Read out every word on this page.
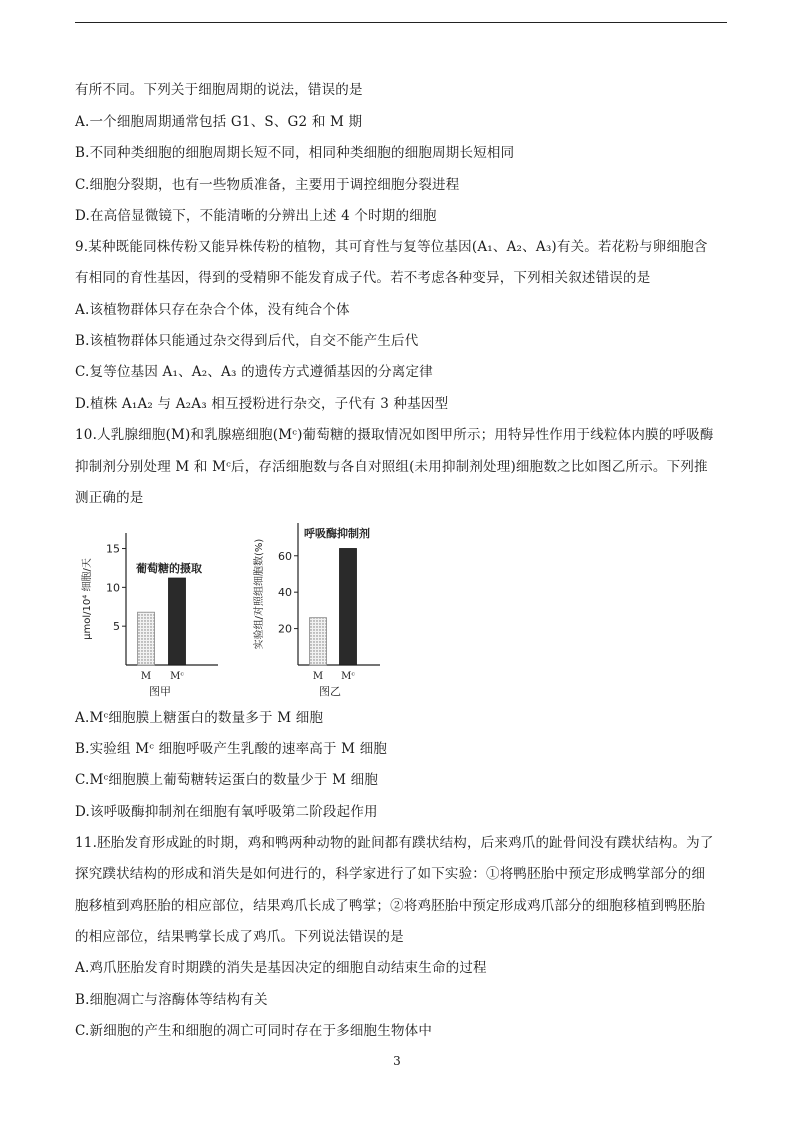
有所不同。下列关于细胞周期的说法，错误的是
A.一个细胞周期通常包括 G1、S、G2 和 M 期
B.不同种类细胞的细胞周期长短不同，相同种类细胞的细胞周期长短相同
C.细胞分裂期，也有一些物质准备，主要用于调控细胞分裂进程
D.在高倍显微镜下，不能清晰的分辨出上述 4 个时期的细胞
9.某种既能同株传粉又能异株传粉的植物，其可育性与复等位基因(A₁、A₂、A₃)有关。若花粉与卵细胞含
有相同的育性基因，得到的受精卵不能发育成子代。若不考虑各种变异，下列相关叙述错误的是
A.该植物群体只存在杂合个体，没有纯合个体
B.该植物群体只能通过杂交得到后代，自交不能产生后代
C.复等位基因 A₁、A₂、A₃ 的遗传方式遵循基因的分离定律
D.植株 A₁A₂ 与 A₂A₃ 相互授粉进行杂交，子代有 3 种基因型
10.人乳腺细胞(M)和乳腺癌细胞(Mᶜ)葡萄糖的摄取情况如图甲所示；用特异性作用于线粒体内膜的呼吸酶
抑制剂分别处理 M 和 Mᶜ后，存活细胞数与各自对照组(未用抑制剂处理)细胞数之比如图乙所示。下列推
测正确的是
5
10
15
M Mᶜ
葡萄糖的摄取
μmol/10⁴ 细胞/天
图甲
20
40
60
M Mᶜ
呼吸酶抑制剂
实验组/对照组细胞数(%)
图乙
A.Mᶜ细胞膜上糖蛋白的数量多于 M 细胞
B.实验组 Mᶜ 细胞呼吸产生乳酸的速率高于 M 细胞
C.Mᶜ细胞膜上葡萄糖转运蛋白的数量少于 M 细胞
D.该呼吸酶抑制剂在细胞有氧呼吸第二阶段起作用
11.胚胎发育形成趾的时期，鸡和鸭两种动物的趾间都有蹼状结构，后来鸡爪的趾骨间没有蹼状结构。为了
探究蹼状结构的形成和消失是如何进行的，科学家进行了如下实验：①将鸭胚胎中预定形成鸭掌部分的细
胞移植到鸡胚胎的相应部位，结果鸡爪长成了鸭掌；②将鸡胚胎中预定形成鸡爪部分的细胞移植到鸭胚胎
的相应部位，结果鸭掌长成了鸡爪。下列说法错误的是
A.鸡爪胚胎发育时期蹼的消失是基因决定的细胞自动结束生命的过程
B.细胞凋亡与溶酶体等结构有关
C.新细胞的产生和细胞的凋亡可同时存在于多细胞生物体中
3
